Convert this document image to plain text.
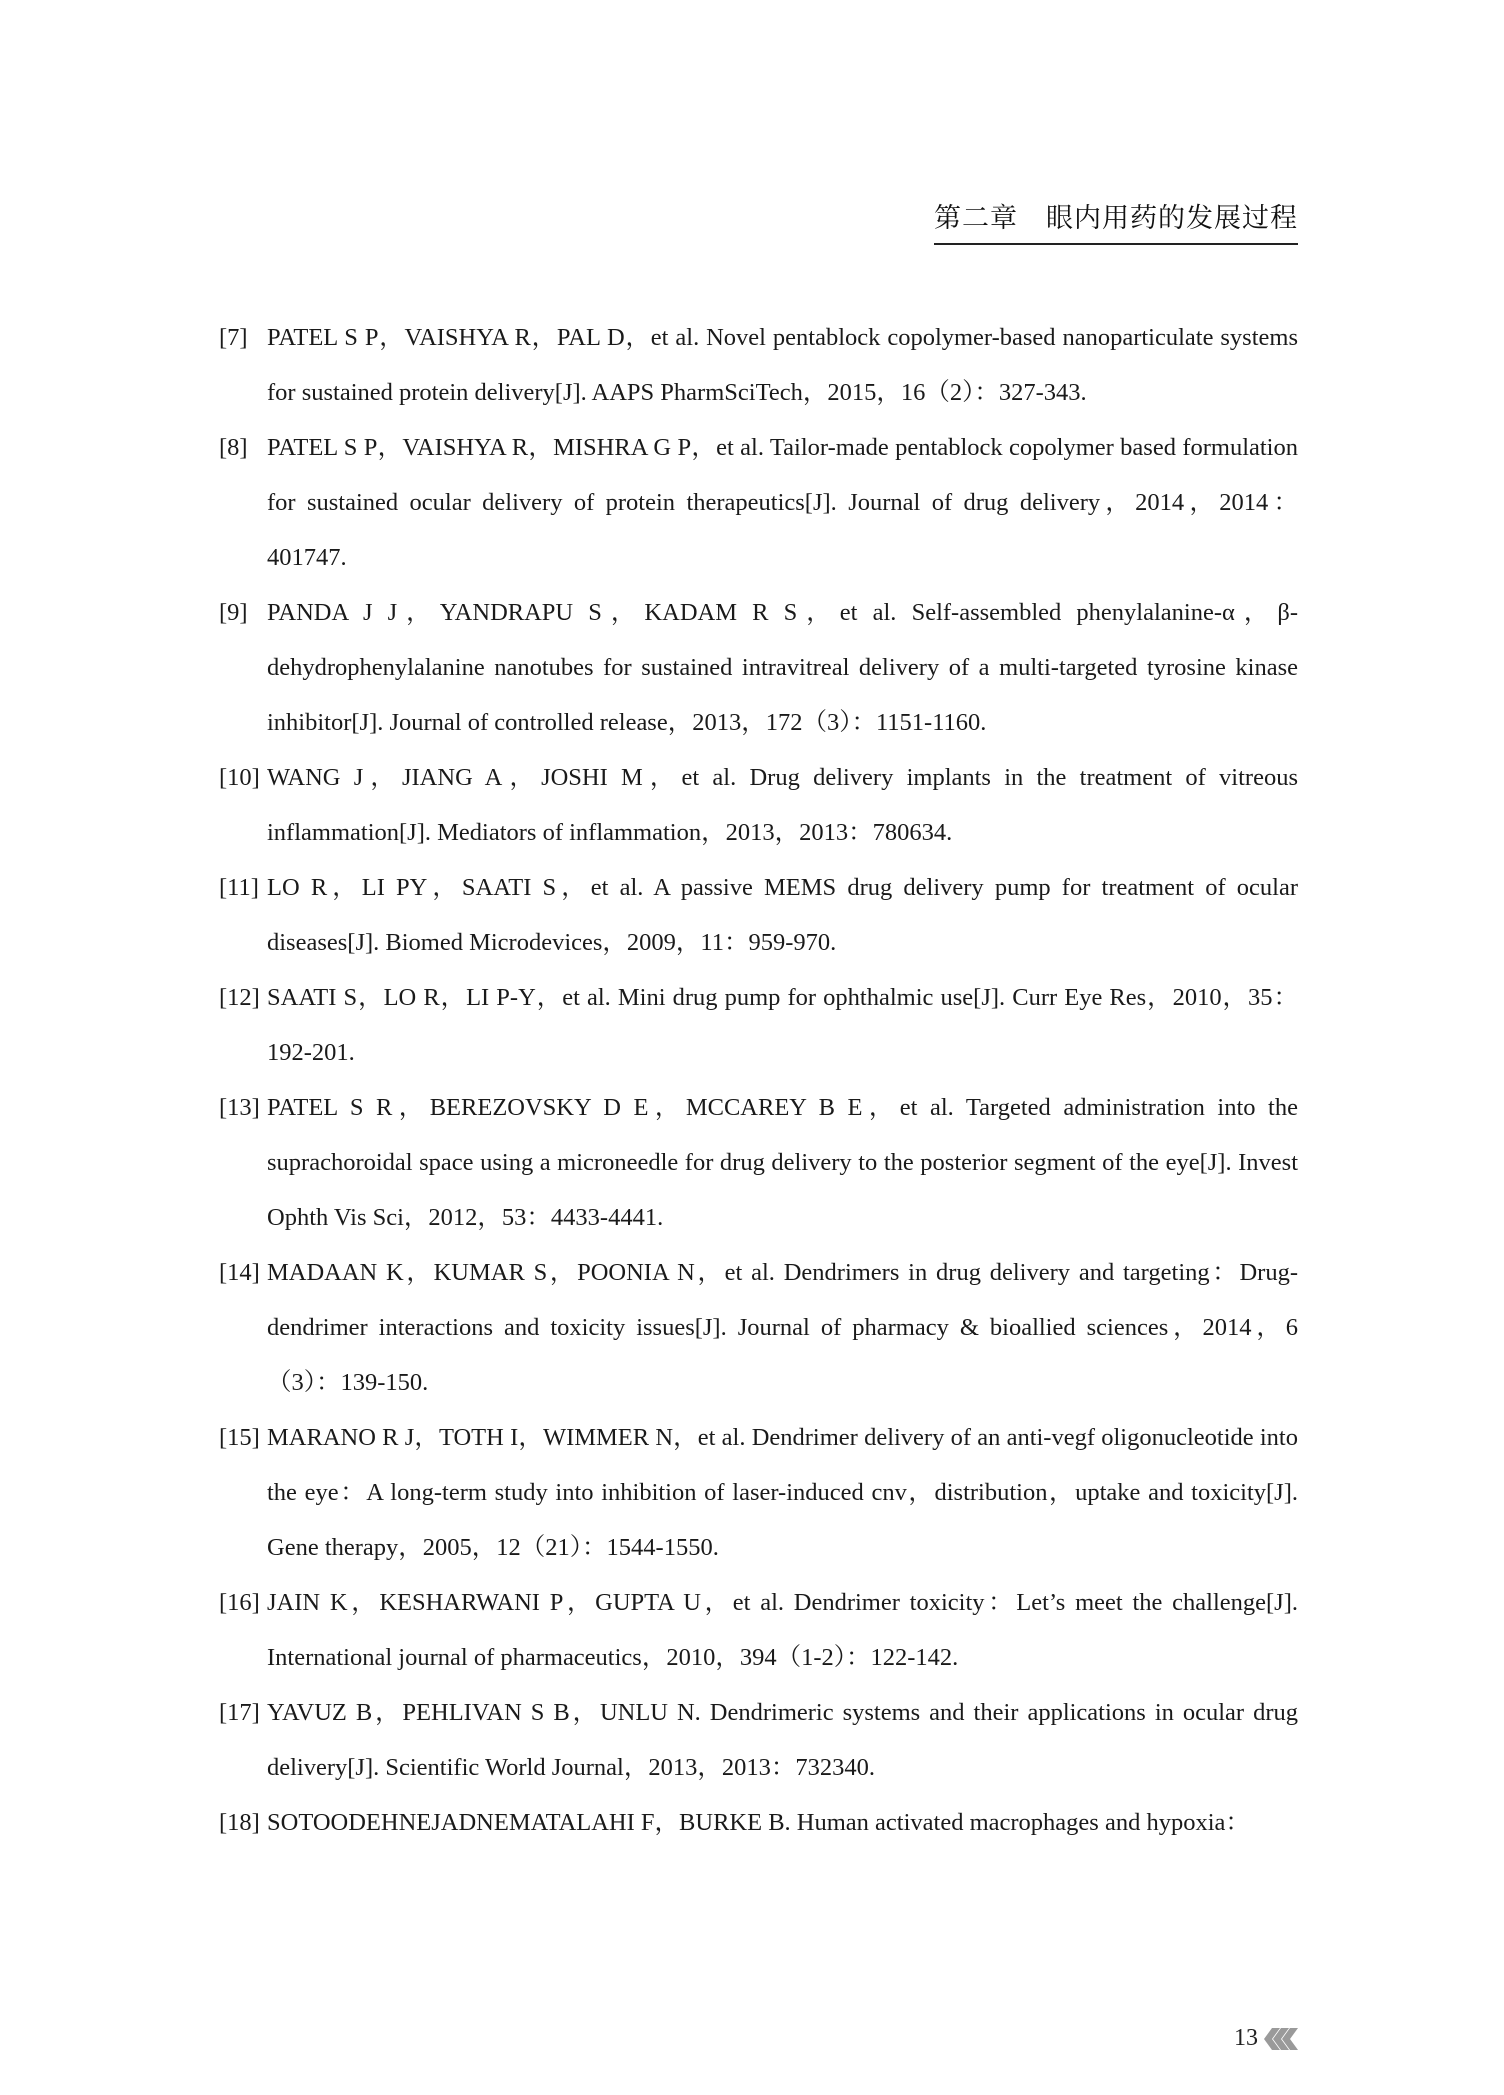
第二章　眼内用药的发展过程
[7] PATEL S P，VAISHYA R，PAL D，et al. Novel pentablock copolymer-based nanoparticulate systems for sustained protein delivery[J]. AAPS PharmSciTech，2015，16（2）：327-343.
[8] PATEL S P，VAISHYA R，MISHRA G P，et al. Tailor-made pentablock copolymer based formulation for sustained ocular delivery of protein therapeutics[J]. Journal of drug delivery，2014，2014：401747.
[9] PANDA J J，YANDRAPU S，KADAM R S，et al. Self-assembled phenylalanine-α，β-dehydrophenylalanine nanotubes for sustained intravitreal delivery of a multi-targeted tyrosine kinase inhibitor[J]. Journal of controlled release，2013，172（3）：1151-1160.
[10] WANG J，JIANG A，JOSHI M，et al. Drug delivery implants in the treatment of vitreous inflammation[J]. Mediators of inflammation，2013，2013：780634.
[11] LO R，LI PY，SAATI S，et al. A passive MEMS drug delivery pump for treatment of ocular diseases[J]. Biomed Microdevices，2009，11：959-970.
[12] SAATI S，LO R，LI P-Y，et al. Mini drug pump for ophthalmic use[J]. Curr Eye Res，2010，35：192-201.
[13] PATEL S R，BEREZOVSKY D E，MCCAREY B E，et al. Targeted administration into the suprachoroidal space using a microneedle for drug delivery to the posterior segment of the eye[J]. Invest Ophth Vis Sci，2012，53：4433-4441.
[14] MADAAN K，KUMAR S，POONIA N，et al. Dendrimers in drug delivery and targeting：Drug-dendrimer interactions and toxicity issues[J]. Journal of pharmacy & bioallied sciences，2014，6（3）：139-150.
[15] MARANO R J，TOTH I，WIMMER N，et al. Dendrimer delivery of an anti-vegf oligonucleotide into the eye：A long-term study into inhibition of laser-induced cnv，distribution，uptake and toxicity[J]. Gene therapy，2005，12（21）：1544-1550.
[16] JAIN K，KESHARWANI P，GUPTA U，et al. Dendrimer toxicity：Let’s meet the challenge[J]. International journal of pharmaceutics，2010，394（1-2）：122-142.
[17] YAVUZ B，PEHLIVAN S B，UNLU N. Dendrimeric systems and their applications in ocular drug delivery[J]. Scientific World Journal，2013，2013：732340.
[18] SOTOODEHNEJADNEMATALAHI F，BURKE B. Human activated macrophages and hypoxia：
13
